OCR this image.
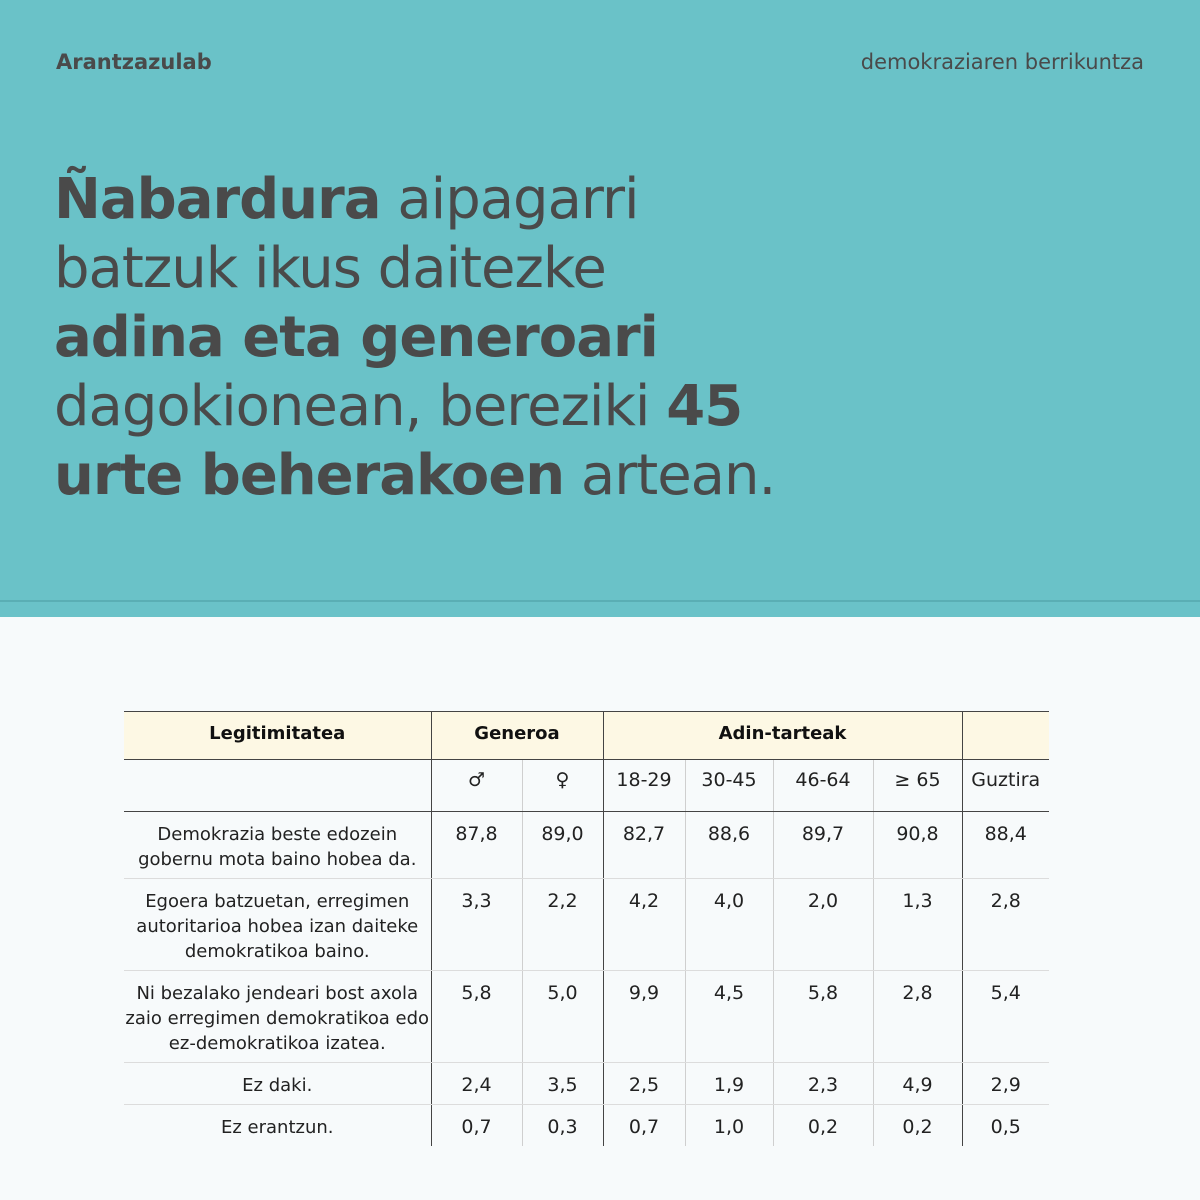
Arantzazulab	demokraziaren berrikuntza
Ñabardura aipagarri
batzuk ikus daitezke
adina eta generoari
dagokionean, bereziki 45
urte beherakoen artean.
Legitimitatea	Generoa		Adin-tarteak				
	♂	♀	18-29	30-45	46-64	≥ 65	Guztira
Demokrazia beste edozein gobernu mota baino hobea da.	87,8	89,0	82,7	88,6	89,7	90,8	88,4
Egoera batzuetan, erregimen autoritarioa hobea izan daiteke demokratikoa baino.	3,3	2,2	4,2	4,0	2,0	1,3	2,8
Ni bezalako jendeari bost axola zaio erregimen demokratikoa edo ez-demokratikoa izatea.	5,8	5,0	9,9	4,5	5,8	2,8	5,4
Ez daki.	2,4	3,5	2,5	1,9	2,3	4,9	2,9
Ez erantzun.	0,7	0,3	0,7	1,0	0,2	0,2	0,5
